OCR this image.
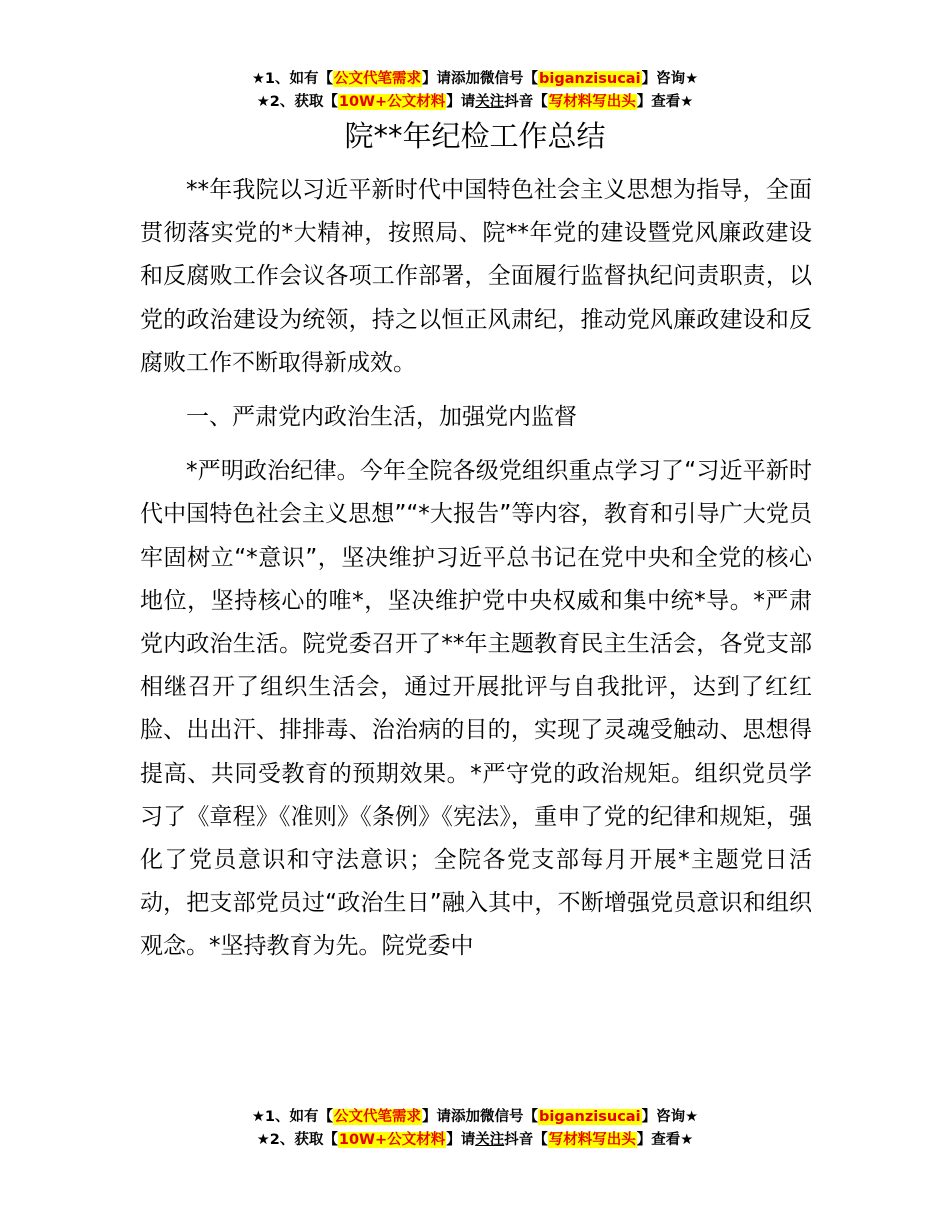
★1、如有【公文代笔需求】请添加微信号【biganzisucai】咨询★
★2、获取【10W+公文材料】请关注抖音【写材料写出头】查看★
院**年纪检工作总结

**年我院以习近平新时代中国特色社会主义思想为指导，全面贯彻落实党的*大精神，按照局、院**年党的建设暨党风廉政建设和反腐败工作会议各项工作部署，全面履行监督执纪问责职责，以党的政治建设为统领，持之以恒正风肃纪，推动党风廉政建设和反腐败工作不断取得新成效。

一、严肃党内政治生活，加强党内监督

*严明政治纪律。今年全院各级党组织重点学习了“习近平新时代中国特色社会主义思想”“*大报告”等内容，教育和引导广大党员牢固树立“*意识”，坚决维护习近平总书记在党中央和全党的核心地位，坚持核心的唯*，坚决维护党中央权威和集中统*导。*严肃党内政治生活。院党委召开了**年主题教育民主生活会，各党支部相继召开了组织生活会，通过开展批评与自我批评，达到了红红脸、出出汗、排排毒、治治病的目的，实现了灵魂受触动、思想得提高、共同受教育的预期效果。*严守党的政治规矩。组织党员学习了《章程》《准则》《条例》《宪法》，重申了党的纪律和规矩，强化了党员意识和守法意识；全院各党支部每月开展*主题党日活动，把支部党员过“政治生日”融入其中，不断增强党员意识和组织观念。*坚持教育为先。院党委中

★1、如有【公文代笔需求】请添加微信号【biganzisucai】咨询★
★2、获取【10W+公文材料】请关注抖音【写材料写出头】查看★
